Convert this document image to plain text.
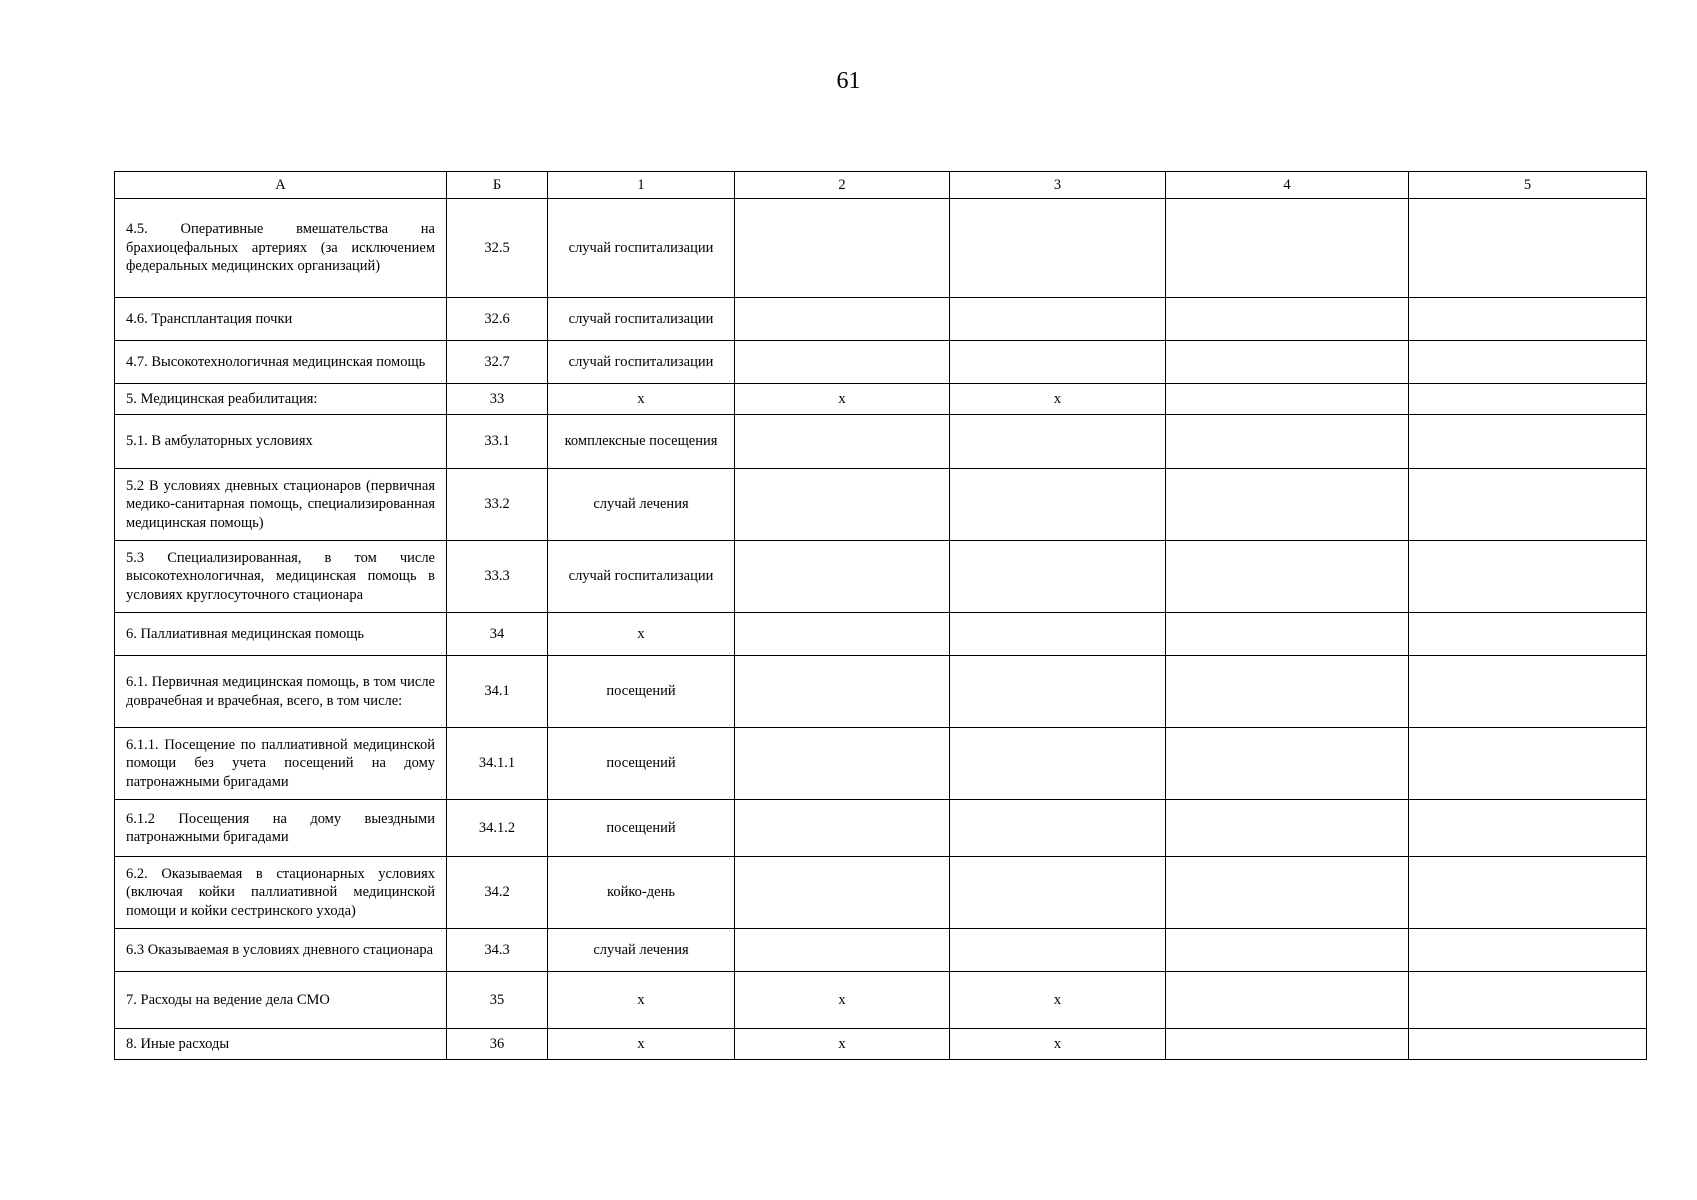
61
А	Б	1	2	3	4	5
4.5. Оперативные вмешательства на брахиоцефальных артериях (за исключением федеральных медицинских организаций)	32.5	случай госпитализации				
4.6. Трансплантация почки	32.6	случай госпитализации				
4.7. Высокотехнологичная медицинская помощь	32.7	случай госпитализации				
5. Медицинская реабилитация:	33	х	х	х		
5.1. В амбулаторных условиях	33.1	комплексные посещения				
5.2 В условиях дневных стационаров (первичная медико-санитарная помощь, специализированная медицинская помощь)	33.2	случай лечения				
5.3 Специализированная, в том числе высокотехнологичная, медицинская помощь в условиях круглосуточного стационара	33.3	случай госпитализации				
6. Паллиативная медицинская помощь	34	х				
6.1. Первичная медицинская помощь, в том числе доврачебная и врачебная, всего, в том числе:	34.1	посещений				
6.1.1. Посещение по паллиативной медицинской помощи без учета посещений на дому патронажными бригадами	34.1.1	посещений				
6.1.2 Посещения на дому выездными патронажными бригадами	34.1.2	посещений				
6.2. Оказываемая в стационарных условиях (включая койки паллиативной медицинской помощи и койки сестринского ухода)	34.2	койко-день				
6.3 Оказываемая в условиях дневного стационара	34.3	случай лечения				
7. Расходы на ведение дела СМО	35	х	х	х		
8. Иные расходы	36	х	х	х		
